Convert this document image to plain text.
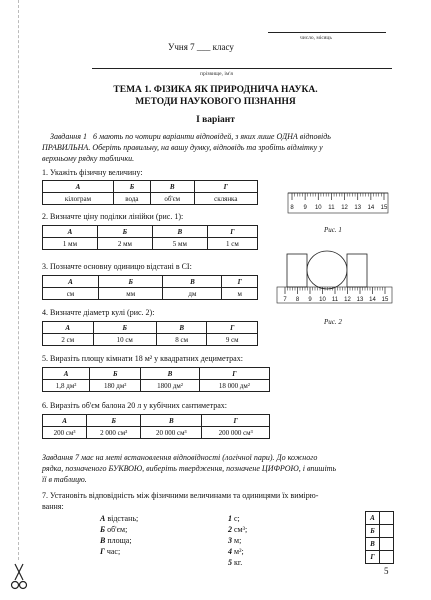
число, місяць
Учня 7 ___ класу
прізвище, ім'я
ТЕМА 1. ФІЗИКА ЯК ПРИРОДНИЧА НАУКА.
МЕТОДИ НАУКОВОГО ПІЗНАННЯ
І варіант
Завдання 1 6 мають по чотири варіанти відповідей, з яких лише ОДНА відповідь
ПРАВИЛЬНА. Оберіть правильну, на вашу думку, відповідь та зробіть відмітку у
верхньому рядку таблички.
1. Укажіть фізичну величину:
А	Б	В	Г
кілограм	вода	об'єм	склянка
2. Визначте ціну поділки лінійки (рис. 1):
А	Б	В	Г
1 мм	2 мм	5 мм	1 см
3. Позначте основну одиницю відстані в СІ:
А	Б	В	Г
см	мм	дм	м
4. Визначте діаметр кулі (рис. 2):
А	Б	В	Г
2 см	10 см	8 см	9 см
5. Виразіть площу кімнати 18 м² у квадратних дециметрах:
А	Б	В	Г
1,8 дм²	180 дм²	1800 дм²	18 000 дм²
6. Виразіть об'єм балона 20 л у кубічних сантиметрах:
А	Б	В	Г
200 см³	2 000 см³	20 000 см³	200 000 см³
8 9 10 11 12 13 14 15
Рис. 1
7 8 9 10 11 12 13 14 15
Рис. 2
Завдання 7 має на меті встановлення відповідності (логічної пари). До кожного
рядка, позначеного БУКВОЮ, виберіть твердження, позначене ЦИФРОЮ, і впишіть
її в таблицю.
7. Установіть відповідність між фізичними величинами та одиницями їх вимірю-
вання:
А відстань;
Б об'єм;
В площа;
Г час;
1 с;
2 см³;
3 м;
4 м²;
5 кг.
А	
Б	
В	
Г	
5
